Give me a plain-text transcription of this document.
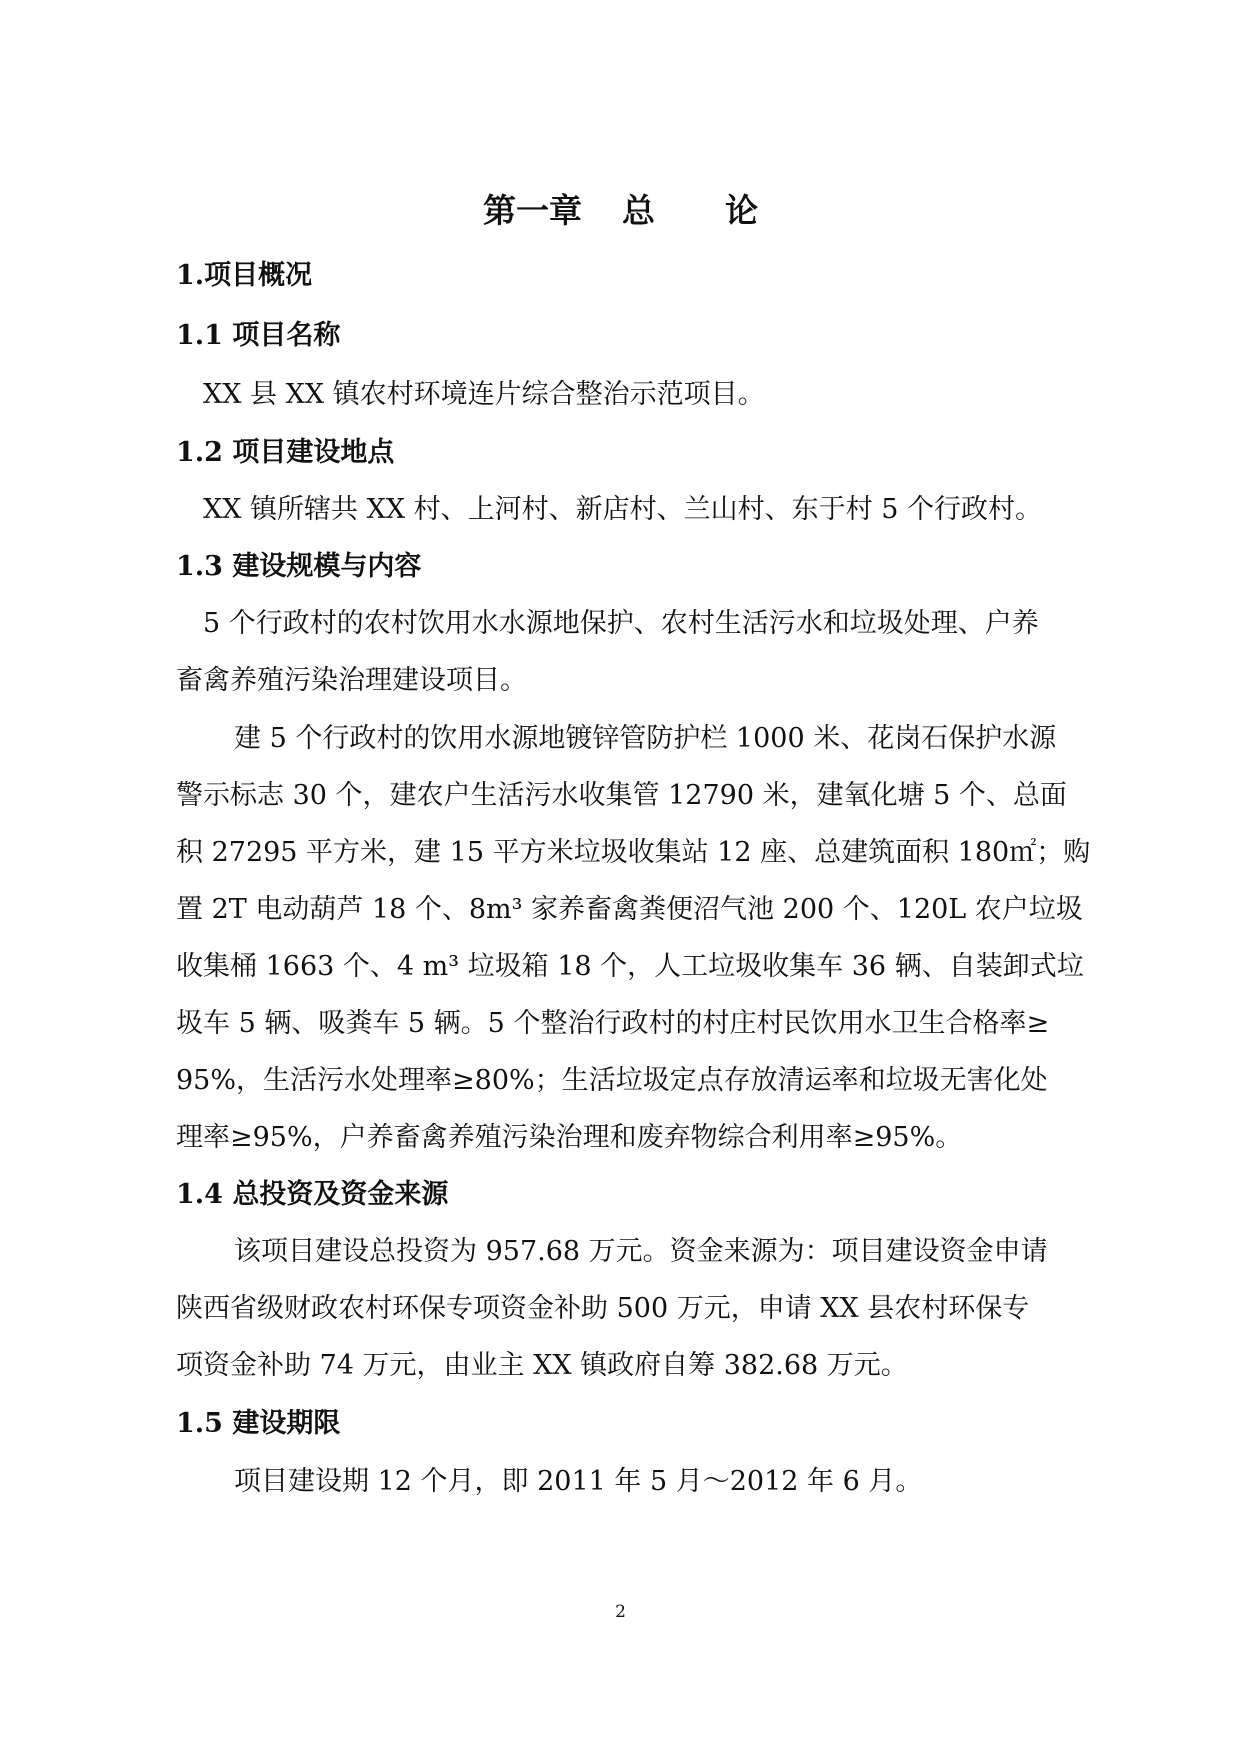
第一章 总 论
1.项目概况
1.1 项目名称
XX 县 XX 镇农村环境连片综合整治示范项目。
1.2 项目建设地点
XX 镇所辖共 XX 村、上河村、新店村、兰山村、东于村 5 个行政村。
1.3 建设规模与内容
5 个行政村的农村饮用水水源地保护、农村生活污水和垃圾处理、户养
畜禽养殖污染治理建设项目。
建 5 个行政村的饮用水源地镀锌管防护栏 1000 米、花岗石保护水源
警示标志 30 个，建农户生活污水收集管 12790 米，建氧化塘 5 个、总面
积 27295 平方米，建 15 平方米垃圾收集站 12 座、总建筑面积 180㎡；购
置 2T 电动葫芦 18 个、8m³ 家养畜禽粪便沼气池 200 个、120L 农户垃圾
收集桶 1663 个、4 m³ 垃圾箱 18 个，人工垃圾收集车 36 辆、自装卸式垃
圾车 5 辆、吸粪车 5 辆。5 个整治行政村的村庄村民饮用水卫生合格率≥
95%，生活污水处理率≥80%；生活垃圾定点存放清运率和垃圾无害化处
理率≥95%，户养畜禽养殖污染治理和废弃物综合利用率≥95%。
1.4 总投资及资金来源
该项目建设总投资为 957.68 万元。资金来源为：项目建设资金申请
陕西省级财政农村环保专项资金补助 500 万元，申请 XX 县农村环保专
项资金补助 74 万元，由业主 XX 镇政府自筹 382.68 万元。
1.5 建设期限
项目建设期 12 个月，即 2011 年 5 月～2012 年 6 月。
2
